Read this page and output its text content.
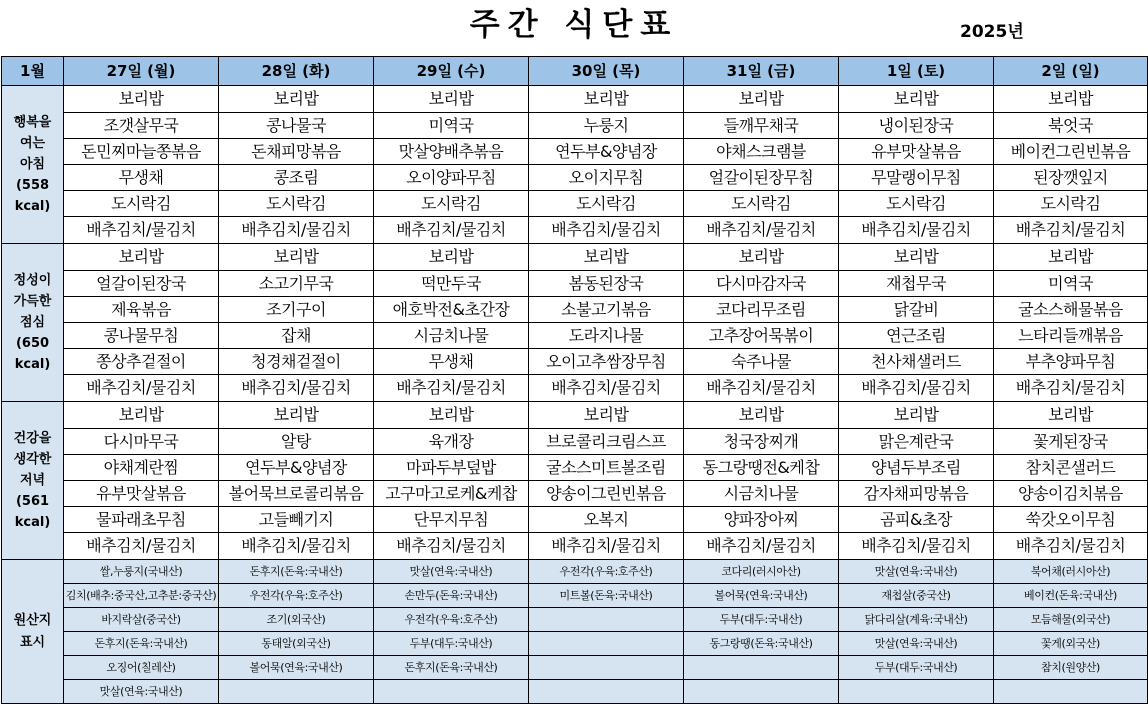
주간 식단표	2025년
1월	27일 (월)	28일 (화)	29일 (수)	30일 (목)	31일 (금)	1일 (토)	2일 (일)

행복을
여는
아침
(558
kcal)	보리밥	보리밥	보리밥	보리밥	보리밥	보리밥	보리밥
	조갯살무국	콩나물국	미역국	누룽지	들깨무채국	냉이된장국	북엇국
	돈민찌마늘쫑볶음	돈채피망볶음	맛살양배추볶음	연두부&양념장	야채스크램블	유부맛살볶음	베이컨그린빈볶음
	무생채	콩조림	오이양파무침	오이지무침	얼갈이된장무침	무말랭이무침	된장깻잎지
	도시락김	도시락김	도시락김	도시락김	도시락김	도시락김	도시락김
	배추김치/물김치	배추김치/물김치	배추김치/물김치	배추김치/물김치	배추김치/물김치	배추김치/물김치	배추김치/물김치

정성이
가득한
점심
(650
kcal)	보리밥	보리밥	보리밥	보리밥	보리밥	보리밥	보리밥
	얼갈이된장국	소고기무국	떡만두국	봄동된장국	다시마감자국	재첩무국	미역국
	제육볶음	조기구이	애호박전&초간장	소불고기볶음	코다리무조림	닭갈비	굴소스해물볶음
	콩나물무침	잡채	시금치나물	도라지나물	고추장어묵볶이	연근조림	느타리들깨볶음
	쫑상추겉절이	청경채겉절이	무생채	오이고추쌈장무침	숙주나물	천사채샐러드	부추양파무침
	배추김치/물김치	배추김치/물김치	배추김치/물김치	배추김치/물김치	배추김치/물김치	배추김치/물김치	배추김치/물김치

건강을
생각한
저녁
(561
kcal)	보리밥	보리밥	보리밥	보리밥	보리밥	보리밥	보리밥
	다시마무국	알탕	육개장	브로콜리크림스프	청국장찌개	맑은계란국	꽃게된장국
	야채계란찜	연두부&양념장	마파두부덮밥	굴소스미트볼조림	동그랑땡전&케찹	양념두부조림	참치콘샐러드
	유부맛살볶음	볼어묵브로콜리볶음	고구마고로케&케찹	양송이그린빈볶음	시금치나물	감자채피망볶음	양송이김치볶음
	물파래초무침	고들빼기지	단무지무침	오복지	양파장아찌	곰피&초장	쑥갓오이무침
	배추김치/물김치	배추김치/물김치	배추김치/물김치	배추김치/물김치	배추김치/물김치	배추김치/물김치	배추김치/물김치

원산지
표시	쌀,누룽지(국내산)	돈후지(돈육:국내산)	맛살(연육:국내산)	우전각(우육:호주산)	코다리(러시아산)	맛살(연육:국내산)	북어채(러시아산)
	김치(배추:중국산,고추분:중국산)	우전각(우육:호주산)	손만두(돈육:국내산)	미트볼(돈육:국내산)	볼어묵(연육:국내산)	재첩살(중국산)	베이컨(돈육:국내산)
	바지락살(중국산)	조기(외국산)	우전각(우육:호주산)		두부(대두:국내산)	닭다리살(계육:국내산)	모듬해물(외국산)
	돈후지(돈육:국내산)	동태알(외국산)	두부(대두:국내산)		동그랑땡(돈육:국내산)	맛살(연육:국내산)	꽃게(외국산)
	오징어(칠레산)	볼어묵(연육:국내산)	돈후지(돈육:국내산)			두부(대두:국내산)	참치(원양산)
	맛살(연육:국내산)						
